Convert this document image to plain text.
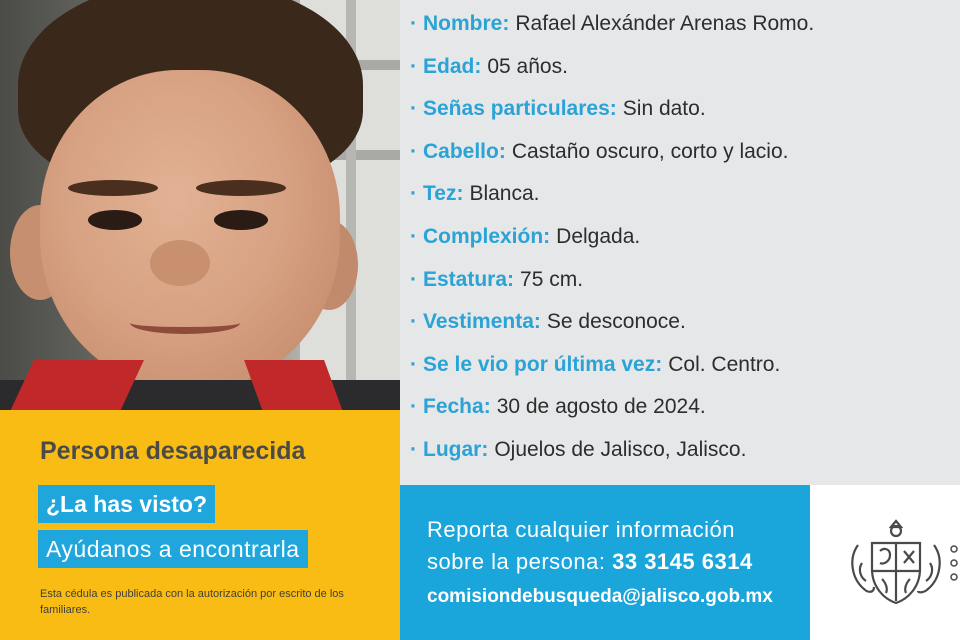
· Nombre: Rafael Alexánder Arenas Romo.
· Edad: 05 años.
· Señas particulares: Sin dato.
· Cabello: Castaño oscuro, corto y lacio.
· Tez: Blanca.
· Complexión: Delgada.
· Estatura: 75 cm.
· Vestimenta: Se desconoce.
· Se le vio por última vez: Col. Centro.
· Fecha: 30 de agosto de 2024.
· Lugar: Ojuelos de Jalisco, Jalisco.
Persona desaparecida
¿La has visto?
Ayúdanos a encontrarla
Esta cédula es publicada con la autorización por escrito de los familiares.
Reporta cualquier información
sobre la persona: 33 3145 6314
comisiondebusqueda@jalisco.gob.mx
